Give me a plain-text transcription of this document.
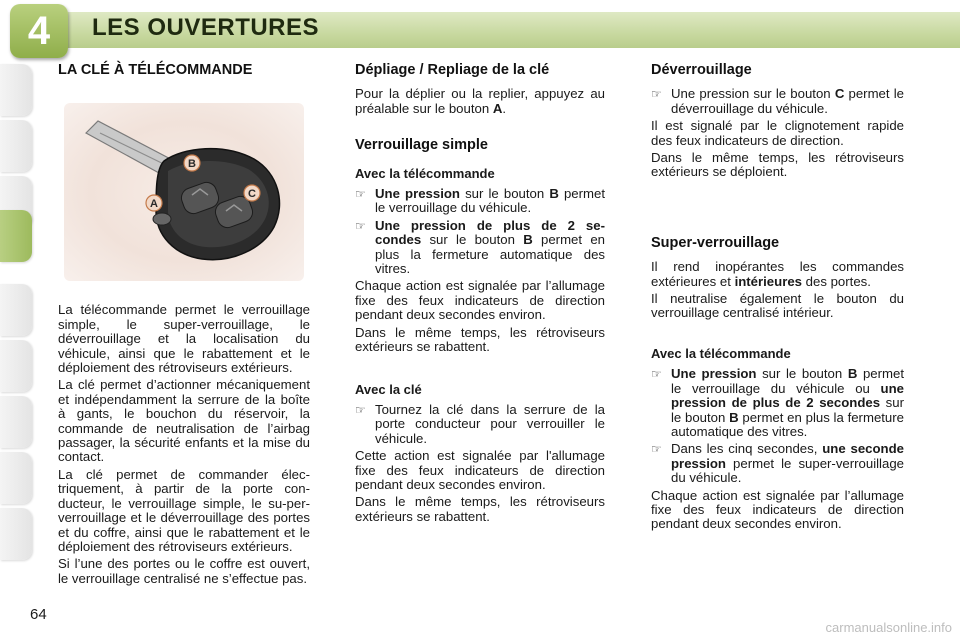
4	LES OUVERTURES
LA CLÉ À TÉLÉCOMMANDE
B
C
A

La télécommande permet le verrouillage simple, le super-verrouillage, le déverrouillage et la localisation du véhicule, ainsi que le rabattement et le déploiement des rétroviseurs extérieurs.

La clé permet d’actionner mécaniquement et indépendamment la serrure de la boîte à gants, le bouchon du réservoir, la commande de neutralisation de l’airbag passager, la sécurité enfants et la mise du contact.

La clé permet de commander élec-triquement, à partir de la porte con-ducteur, le verrouillage simple, le su-per-verrouillage et le déverrouillage des portes et du coffre, ainsi que le rabattement et le déploiement des rétroviseurs extérieurs.

Si l’une des portes ou le coffre est ouvert, le verrouillage centralisé ne s’effectue pas.

Dépliage / Repliage de la clé

Pour la déplier ou la replier, appuyez au préalable sur le bouton A.

Verrouillage simple
Avec la télécommande
☞ Une pression sur le bouton B permet le verrouillage du véhicule.
☞ Une pression de plus de 2 se-condes sur le bouton B permet en plus la fermeture automatique des vitres.

Chaque action est signalée par l’allumage fixe des feux indicateurs de direction pendant deux secondes environ.

Dans le même temps, les rétroviseurs extérieurs se rabattent.

Avec la clé
☞ Tournez la clé dans la serrure de la porte conducteur pour verrouiller le véhicule.

Cette action est signalée par l'allumage fixe des feux indicateurs de direction pendant deux secondes environ.

Dans le même temps, les rétroviseurs extérieurs se rabattent.

Déverrouillage
☞ Une pression sur le bouton C permet le déverrouillage du véhicule.

Il est signalé par le clignotement rapide des feux indicateurs de direction.

Dans le même temps, les rétroviseurs extérieurs se déploient.

Super-verrouillage

Il rend inopérantes les commandes extérieures et intérieures des portes.

Il neutralise également le bouton du verrouillage centralisé intérieur.

Avec la télécommande
☞ Une pression sur le bouton B permet le verrouillage du véhicule ou une pression de plus de 2 secondes sur le bouton B permet en plus la fermeture automatique des vitres.
☞ Dans les cinq secondes, une seconde pression permet le super-verrouillage du véhicule.

Chaque action est signalée par l’allumage fixe des feux indicateurs de direction pendant deux secondes environ.

64
carmanualsonline.info
